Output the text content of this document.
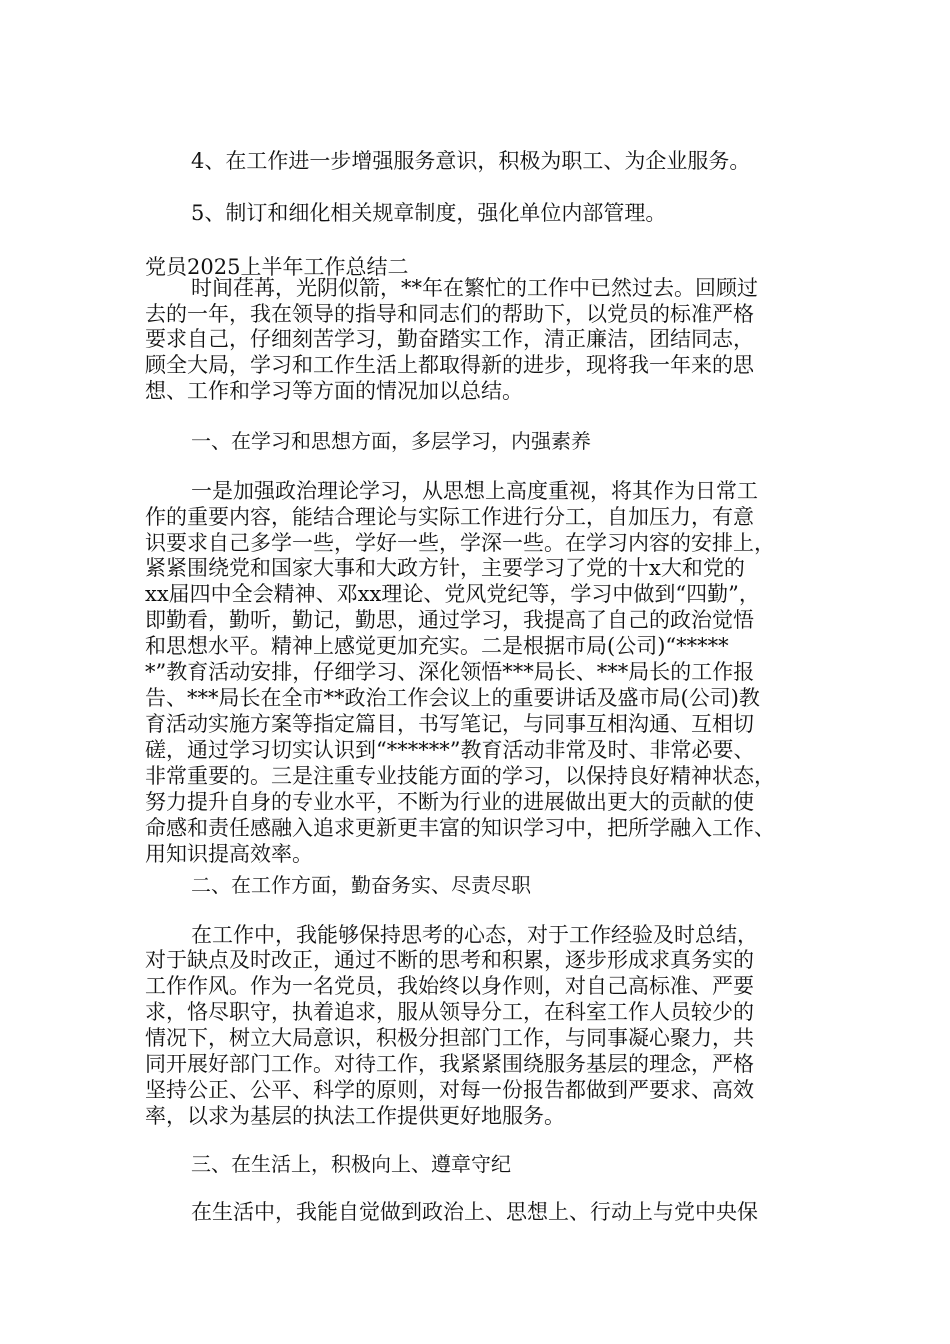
4、在工作进一步增强服务意识，积极为职工、为企业服务。
5、制订和细化相关规章制度，强化单位内部管理。
党员2025上半年工作总结二
时间荏苒，光阴似箭，**年在繁忙的工作中已然过去。回顾过
去的一年，我在领导的指导和同志们的帮助下，以党员的标准严格
要求自己，仔细刻苦学习，勤奋踏实工作，清正廉洁，团结同志，
顾全大局，学习和工作生活上都取得新的进步，现将我一年来的思
想、工作和学习等方面的情况加以总结。
一、在学习和思想方面，多层学习，内强素养
一是加强政治理论学习，从思想上高度重视，将其作为日常工
作的重要内容，能结合理论与实际工作进行分工，自加压力，有意
识要求自己多学一些，学好一些，学深一些。在学习内容的安排上，
紧紧围绕党和国家大事和大政方针，主要学习了党的十x大和党的
xx届四中全会精神、邓xx理论、党风党纪等，学习中做到“四勤”，
即勤看，勤听，勤记，勤思，通过学习，我提高了自己的政治觉悟
和思想水平。精神上感觉更加充实。二是根据市局(公司)“*****
*”教育活动安排，仔细学习、深化领悟***局长、***局长的工作报
告、***局长在全市**政治工作会议上的重要讲话及盛市局(公司)教
育活动实施方案等指定篇目，书写笔记，与同事互相沟通、互相切
磋，通过学习切实认识到“******”教育活动非常及时、非常必要、
非常重要的。三是注重专业技能方面的学习，以保持良好精神状态，
努力提升自身的专业水平，不断为行业的进展做出更大的贡献的使
命感和责任感融入追求更新更丰富的知识学习中，把所学融入工作、
用知识提高效率。
二、在工作方面，勤奋务实、尽责尽职
在工作中，我能够保持思考的心态，对于工作经验及时总结，
对于缺点及时改正，通过不断的思考和积累，逐步形成求真务实的
工作作风。作为一名党员，我始终以身作则，对自己高标准、严要
求，恪尽职守，执着追求，服从领导分工，在科室工作人员较少的
情况下，树立大局意识，积极分担部门工作，与同事凝心聚力，共
同开展好部门工作。对待工作，我紧紧围绕服务基层的理念，严格
坚持公正、公平、科学的原则，对每一份报告都做到严要求、高效
率，以求为基层的执法工作提供更好地服务。
三、在生活上，积极向上、遵章守纪
在生活中，我能自觉做到政治上、思想上、行动上与党中央保
